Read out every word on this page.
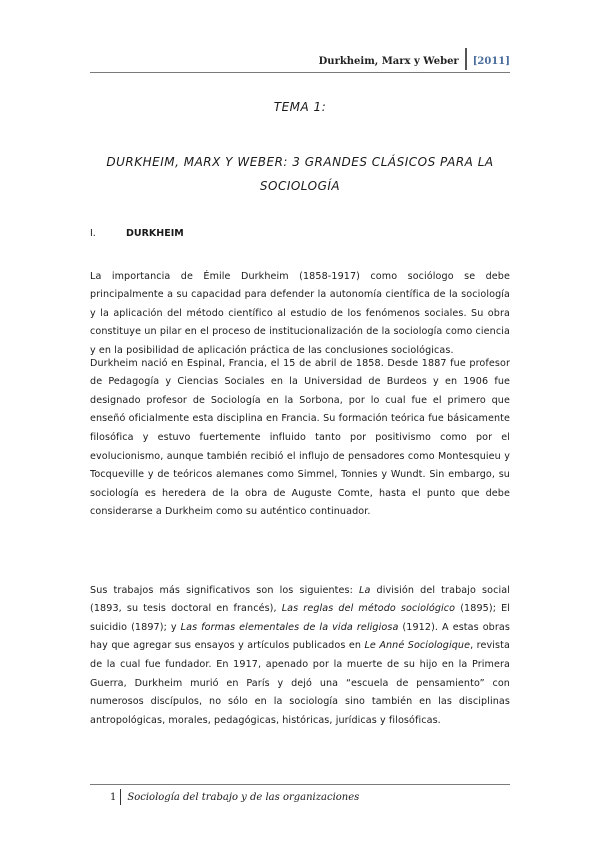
Durkheim, Marx y Weber	[2011]
TEMA 1:
DURKHEIM, MARX Y WEBER: 3 GRANDES CLÁSICOS PARA LA SOCIOLOGÍA
I.	DURKHEIM

La importancia de Émile Durkheim (1858-1917) como sociólogo se debe principalmente a su capacidad para defender la autonomía científica de la sociología y la aplicación del método científico al estudio de los fenómenos sociales. Su obra constituye un pilar en el proceso de institucionalización de la sociología como ciencia y en la posibilidad de aplicación práctica de las conclusiones sociológicas.

Durkheim nació en Espinal, Francia, el 15 de abril de 1858. Desde 1887 fue profesor de Pedagogía y Ciencias Sociales en la Universidad de Burdeos y en 1906 fue designado profesor de Sociología en la Sorbona, por lo cual fue el primero que enseñó oficialmente esta disciplina en Francia. Su formación teórica fue básicamente filosófica y estuvo fuertemente influido tanto por positivismo como por el evolucionismo, aunque también recibió el influjo de pensadores como Montesquieu y Tocqueville y de teóricos alemanes como Simmel, Tonnies y Wundt. Sin embargo, su sociología es heredera de la obra de Auguste Comte, hasta el punto que debe considerarse a Durkheim como su auténtico continuador.

Sus trabajos más significativos son los siguientes: La división del trabajo social (1893, su tesis doctoral en francés), Las reglas del método sociológico (1895); El suicidio (1897); y Las formas elementales de la vida religiosa (1912). A estas obras hay que agregar sus ensayos y artículos publicados en Le Anné Sociologique, revista de la cual fue fundador. En 1917, apenado por la muerte de su hijo en la Primera Guerra, Durkheim murió en París y dejó una “escuela de pensamiento” con numerosos discípulos, no sólo en la sociología sino también en las disciplinas antropológicas, morales, pedagógicas, históricas, jurídicas y filosóficas.

1	Sociología del trabajo y de las organizaciones
